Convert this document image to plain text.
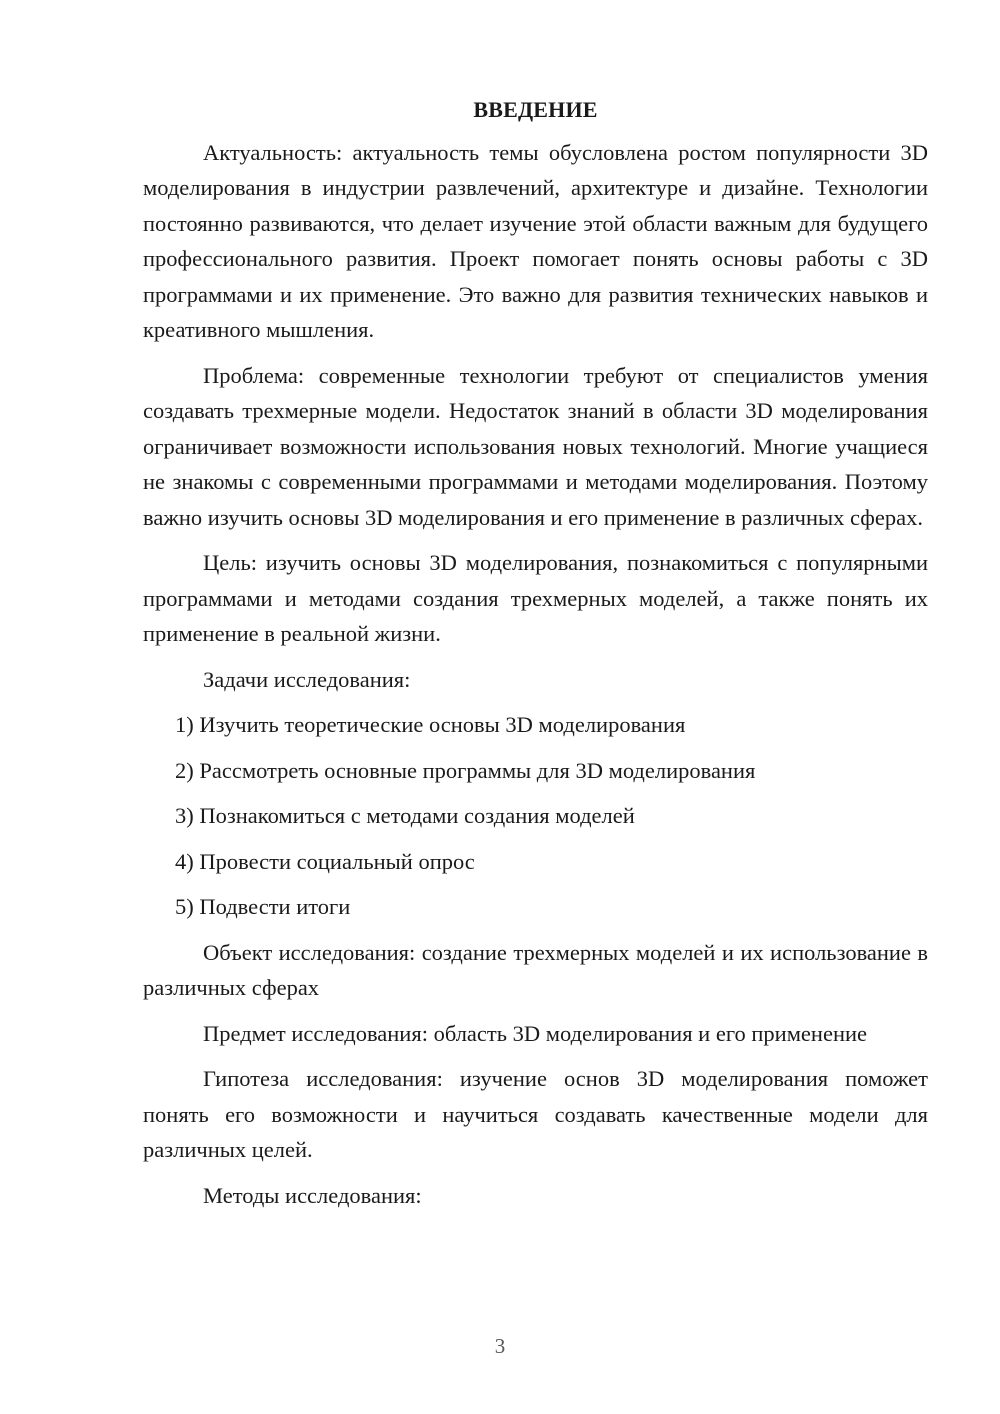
ВВЕДЕНИЕ

Актуальность: актуальность темы обусловлена ростом популярности 3D моделирования в индустрии развлечений, архитектуре и дизайне. Технологии постоянно развиваются, что делает изучение этой области важным для будущего профессионального развития. Проект помогает понять основы работы с 3D программами и их применение. Это важно для развития технических навыков и креативного мышления.

Проблема: современные технологии требуют от специалистов умения создавать трехмерные модели. Недостаток знаний в области 3D моделирования ограничивает возможности использования новых технологий. Многие учащиеся не знакомы с современными программами и методами моделирования. Поэтому важно изучить основы 3D моделирования и его применение в различных сферах.

Цель: изучить основы 3D моделирования, познакомиться с популярными программами и методами создания трехмерных моделей, а также понять их применение в реальной жизни.

Задачи исследования:

1) Изучить теоретические основы 3D моделирования

2) Рассмотреть основные программы для 3D моделирования

3) Познакомиться с методами создания моделей

4) Провести социальный опрос

5) Подвести итоги

Объект исследования: создание трехмерных моделей и их использование в различных сферах

Предмет исследования: область 3D моделирования и его применение

Гипотеза исследования: изучение основ 3D моделирования поможет понять его возможности и научиться создавать качественные модели для различных целей.

Методы исследования:

3
